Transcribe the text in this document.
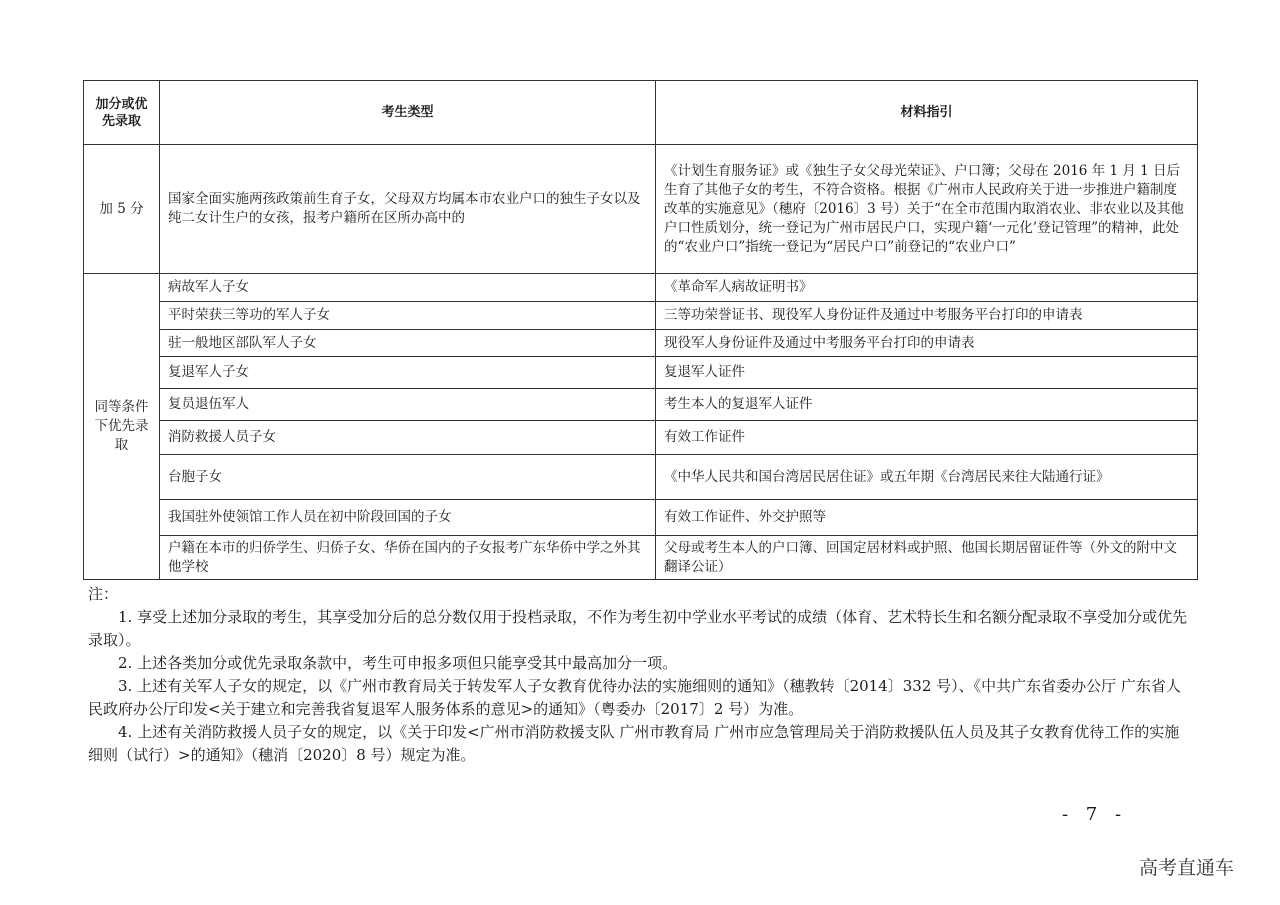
加分或优先录取	考生类型	材料指引
加 5 分	国家全面实施两孩政策前生育子女，父母双方均属本市农业户口的独生子女以及纯二女计生户的女孩，报考户籍所在区所办高中的	《计划生育服务证》或《独生子女父母光荣证》、户口簿；父母在 2016 年 1 月 1 日后生育了其他子女的考生，不符合资格。根据《广州市人民政府关于进一步推进户籍制度改革的实施意见》（穗府〔2016〕3 号）关于“在全市范围内取消农业、非农业以及其他户口性质划分，统一登记为广州市居民户口，实现户籍‘一元化’登记管理”的精神，此处的“农业户口”指统一登记为“居民户口”前登记的“农业户口”
同等条件下优先录取	病故军人子女	《革命军人病故证明书》
	平时荣获三等功的军人子女	三等功荣誉证书、现役军人身份证件及通过中考服务平台打印的申请表
	驻一般地区部队军人子女	现役军人身份证件及通过中考服务平台打印的申请表
	复退军人子女	复退军人证件
	复员退伍军人	考生本人的复退军人证件
	消防救援人员子女	有效工作证件
	台胞子女	《中华人民共和国台湾居民居住证》或五年期《台湾居民来往大陆通行证》
	我国驻外使领馆工作人员在初中阶段回国的子女	有效工作证件、外交护照等
	户籍在本市的归侨学生、归侨子女、华侨在国内的子女报考广东华侨中学之外其他学校	父母或考生本人的户口簿、回国定居材料或护照、他国长期居留证件等（外文的附中文翻译公证）

注：

1. 享受上述加分录取的考生，其享受加分后的总分数仅用于投档录取，不作为考生初中学业水平考试的成绩（体育、艺术特长生和名额分配录取不享受加分或优先录取）。

2. 上述各类加分或优先录取条款中，考生可申报多项但只能享受其中最高加分一项。

3. 上述有关军人子女的规定，以《广州市教育局关于转发军人子女教育优待办法的实施细则的通知》（穗教转〔2014〕332 号）、《中共广东省委办公厅 广东省人民政府办公厅印发<关于建立和完善我省复退军人服务体系的意见>的通知》（粤委办〔2017〕2 号）为准。

4. 上述有关消防救援人员子女的规定，以《关于印发<广州市消防救援支队 广州市教育局 广州市应急管理局关于消防救援队伍人员及其子女教育优待工作的实施细则（试行）>的通知》（穗消〔2020〕8 号）规定为准。

- 7 -
高考直通车
